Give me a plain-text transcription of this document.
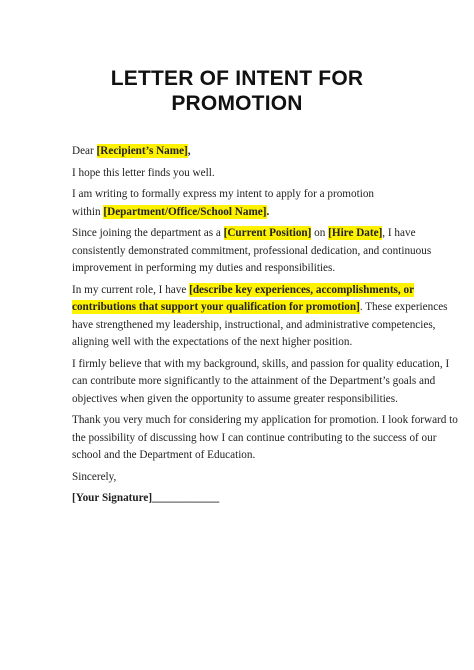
LETTER OF INTENT FOR
PROMOTION
Dear [Recipient’s Name],
I hope this letter finds you well.
I am writing to formally express my intent to apply for a promotion
within [Department/Office/School Name].
Since joining the department as a [Current Position] on [Hire Date], I have
consistently demonstrated commitment, professional dedication, and continuous
improvement in performing my duties and responsibilities.
In my current role, I have [describe key experiences, accomplishments, or
contributions that support your qualification for promotion]. These experiences
have strengthened my leadership, instructional, and administrative competencies,
aligning well with the expectations of the next higher position.
I firmly believe that with my background, skills, and passion for quality education, I
can contribute more significantly to the attainment of the Department’s goals and
objectives when given the opportunity to assume greater responsibilities.
Thank you very much for considering my application for promotion. I look forward to
the possibility of discussing how I can continue contributing to the success of our
school and the Department of Education.
Sincerely,
[Your Signature]____________
